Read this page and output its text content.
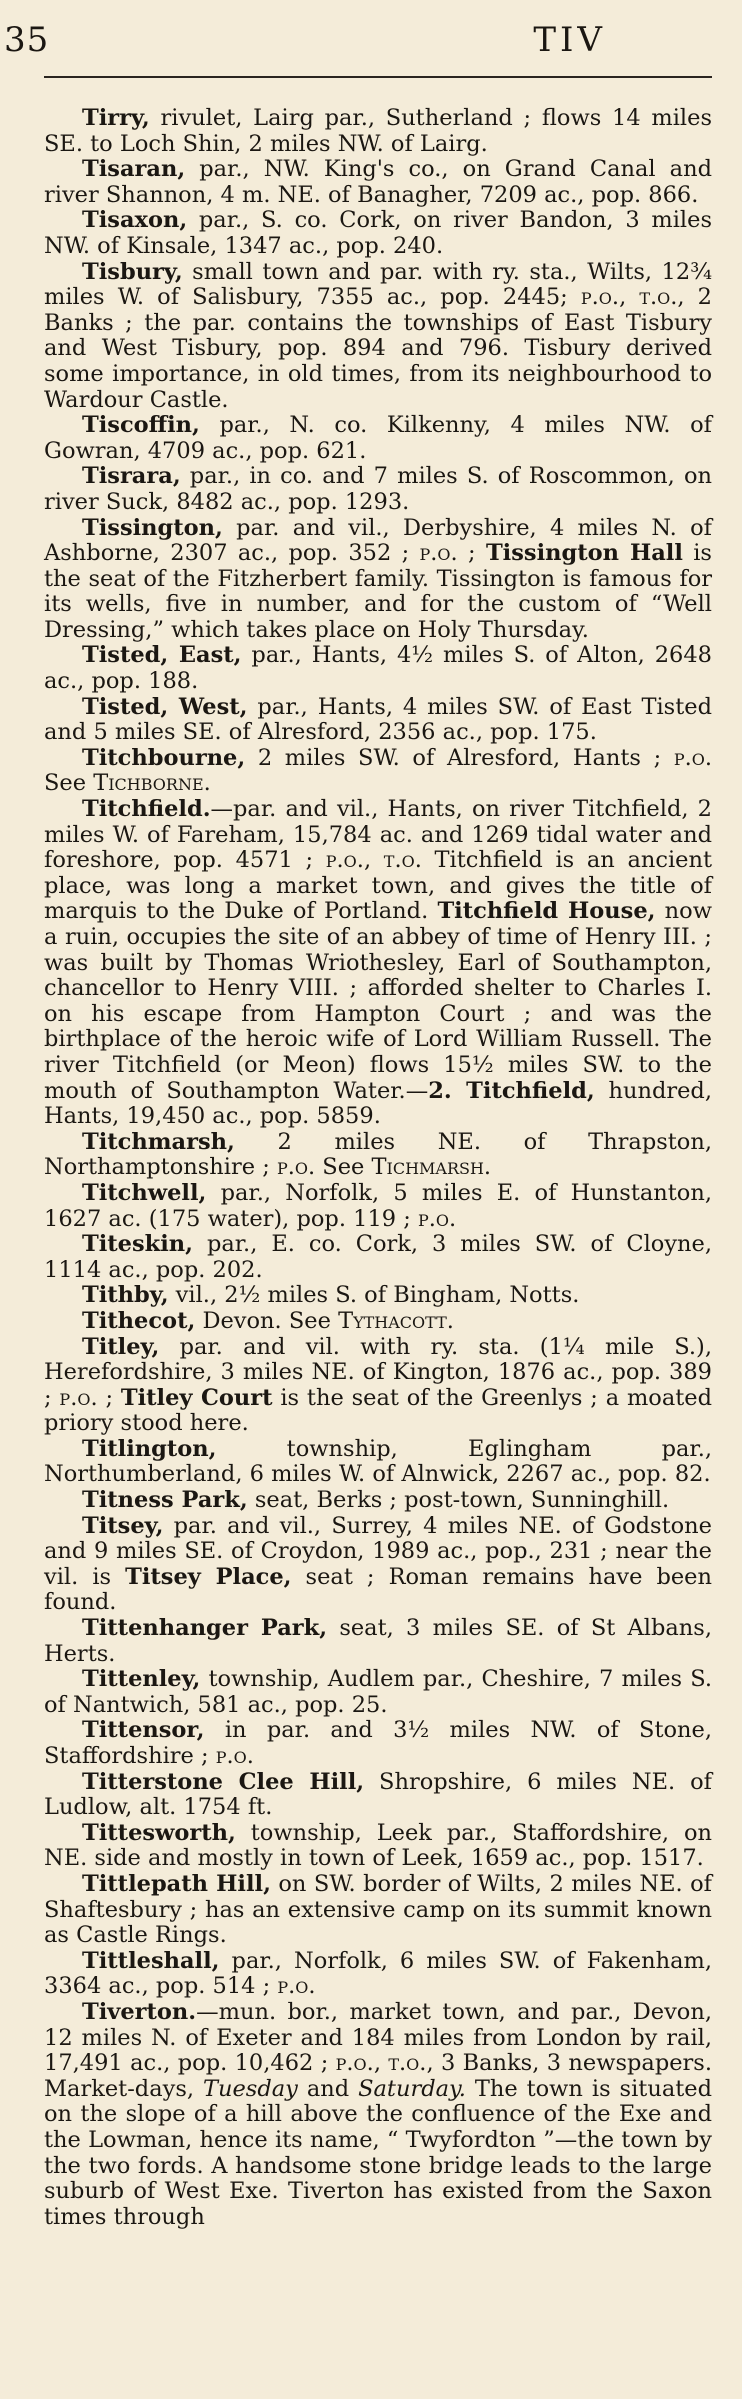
35	TIV

Tirry, rivulet, Lairg par., Sutherland ; flows 14 miles SE. to Loch Shin, 2 miles NW. of Lairg.

Tisaran, par., NW. King's co., on Grand Canal and river Shannon, 4 m. NE. of Banagher, 7209 ac., pop. 866.

Tisaxon, par., S. co. Cork, on river Bandon, 3 miles NW. of Kinsale, 1347 ac., pop. 240.

Tisbury, small town and par. with ry. sta., Wilts, 12¾ miles W. of Salisbury, 7355 ac., pop. 2445; p.o., t.o., 2 Banks ; the par. contains the townships of East Tisbury and West Tisbury, pop. 894 and 796. Tisbury derived some importance, in old times, from its neighbourhood to Wardour Castle.

Tiscoffin, par., N. co. Kilkenny, 4 miles NW. of Gowran, 4709 ac., pop. 621.

Tisrara, par., in co. and 7 miles S. of Roscommon, on river Suck, 8482 ac., pop. 1293.

Tissington, par. and vil., Derbyshire, 4 miles N. of Ashborne, 2307 ac., pop. 352 ; p.o. ; Tissington Hall is the seat of the Fitzherbert family. Tissington is famous for its wells, five in number, and for the custom of “Well Dressing,” which takes place on Holy Thursday.

Tisted, East, par., Hants, 4½ miles S. of Alton, 2648 ac., pop. 188.

Tisted, West, par., Hants, 4 miles SW. of East Tisted and 5 miles SE. of Alresford, 2356 ac., pop. 175.

Titchbourne, 2 miles SW. of Alresford, Hants ; p.o. See Tichborne.

Titchfield.—par. and vil., Hants, on river Titchfield, 2 miles W. of Fareham, 15,784 ac. and 1269 tidal water and foreshore, pop. 4571 ; p.o., t.o. Titchfield is an ancient place, was long a market town, and gives the title of marquis to the Duke of Portland. Titchfield House, now a ruin, occupies the site of an abbey of time of Henry III. ; was built by Thomas Wriothesley, Earl of Southampton, chancellor to Henry VIII. ; afforded shelter to Charles I. on his escape from Hampton Court ; and was the birthplace of the heroic wife of Lord William Russell. The river Titchfield (or Meon) flows 15½ miles SW. to the mouth of Southampton Water.—2. Titchfield, hundred, Hants, 19,450 ac., pop. 5859.

Titchmarsh, 2 miles NE. of Thrapston, Northamptonshire ; p.o. See Tichmarsh.

Titchwell, par., Norfolk, 5 miles E. of Hunstanton, 1627 ac. (175 water), pop. 119 ; p.o.

Titeskin, par., E. co. Cork, 3 miles SW. of Cloyne, 1114 ac., pop. 202.

Tithby, vil., 2½ miles S. of Bingham, Notts.

Tithecot, Devon. See Tythacott.

Titley, par. and vil. with ry. sta. (1¼ mile S.), Herefordshire, 3 miles NE. of Kington, 1876 ac., pop. 389 ; p.o. ; Titley Court is the seat of the Greenlys ; a moated priory stood here.

Titlington, township, Eglingham par., Northumberland, 6 miles W. of Alnwick, 2267 ac., pop. 82.

Titness Park, seat, Berks ; post-town, Sunninghill.

Titsey, par. and vil., Surrey, 4 miles NE. of Godstone and 9 miles SE. of Croydon, 1989 ac., pop., 231 ; near the vil. is Titsey Place, seat ; Roman remains have been found.

Tittenhanger Park, seat, 3 miles SE. of St Albans, Herts.

Tittenley, township, Audlem par., Cheshire, 7 miles S. of Nantwich, 581 ac., pop. 25.

Tittensor, in par. and 3½ miles NW. of Stone, Staffordshire ; p.o.

Titterstone Clee Hill, Shropshire, 6 miles NE. of Ludlow, alt. 1754 ft.

Tittesworth, township, Leek par., Staffordshire, on NE. side and mostly in town of Leek, 1659 ac., pop. 1517.

Tittlepath Hill, on SW. border of Wilts, 2 miles NE. of Shaftesbury ; has an extensive camp on its summit known as Castle Rings.

Tittleshall, par., Norfolk, 6 miles SW. of Fakenham, 3364 ac., pop. 514 ; p.o.

Tiverton.—mun. bor., market town, and par., Devon, 12 miles N. of Exeter and 184 miles from London by rail, 17,491 ac., pop. 10,462 ; p.o., t.o., 3 Banks, 3 newspapers. Market-days, Tuesday and Saturday. The town is situated on the slope of a hill above the confluence of the Exe and the Lowman, hence its name, “ Twyfordton ”—the town by the two fords. A handsome stone bridge leads to the large suburb of West Exe. Tiverton has existed from the Saxon times through
